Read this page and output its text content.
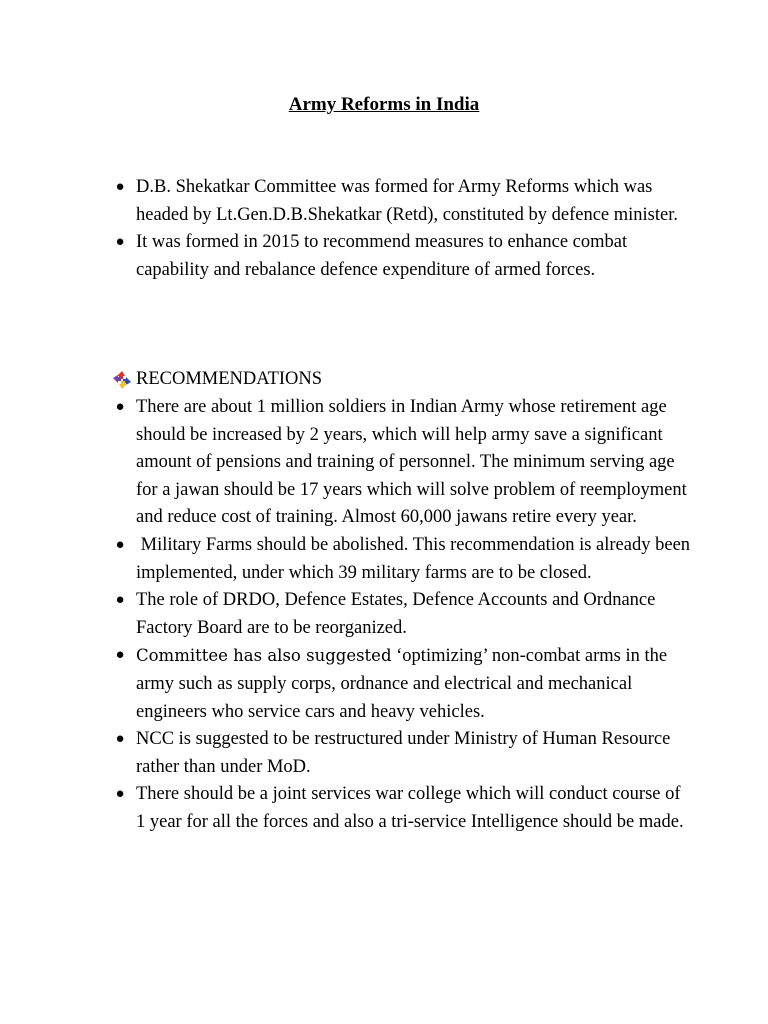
Army Reforms in India
● D.B. Shekatkar Committee was formed for Army Reforms which was headed by Lt.Gen.D.B.Shekatkar (Retd), constituted by defence minister.
● It was formed in 2015 to recommend measures to enhance combat capability and rebalance defence expenditure of armed forces.
RECOMMENDATIONS
● There are about 1 million soldiers in Indian Army whose retirement age should be increased by 2 years, which will help army save a significant amount of pensions and training of personnel. The minimum serving age for a jawan should be 17 years which will solve problem of reemployment and reduce cost of training. Almost 60,000 jawans retire every year.
● Military Farms should be abolished. This recommendation is already been implemented, under which 39 military farms are to be closed.
● The role of DRDO, Defence Estates, Defence Accounts and Ordnance Factory Board are to be reorganized.
● Committee has also suggested ‘optimizing’ non-combat arms in the army such as supply corps, ordnance and electrical and mechanical engineers who service cars and heavy vehicles.
● NCC is suggested to be restructured under Ministry of Human Resource rather than under MoD.
● There should be a joint services war college which will conduct course of 1 year for all the forces and also a tri-service Intelligence should be made.
